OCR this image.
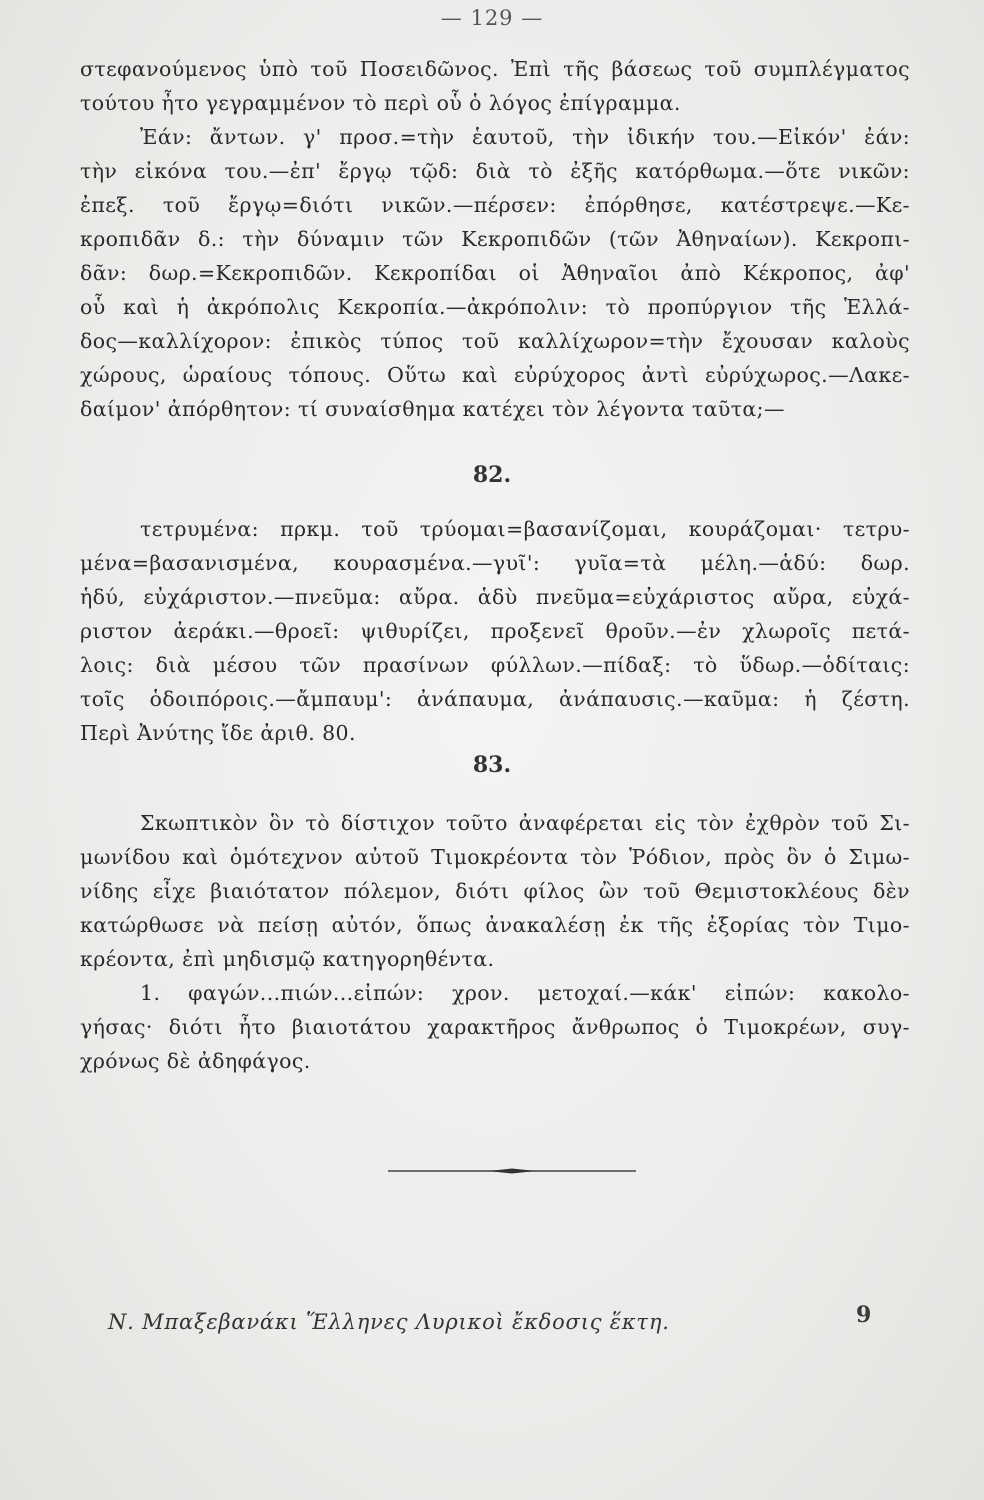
— 129 —
στεφανούμενος ὑπὸ τοῦ Ποσειδῶνος. Ἐπὶ τῆς βάσεως τοῦ συμπλέγματος
τούτου ἦτο γεγραμμένον τὸ περὶ οὗ ὁ λόγος ἐπίγραμμα.
Ἐάν: ἄντων. γ' προσ.=τὴν ἑαυτοῦ, τὴν ἰδικήν του.—Εἰκόν' ἐάν:
τὴν εἰκόνα του.—ἐπ' ἔργῳ τῷδ: διὰ τὸ ἐξῆς κατόρθωμα.—ὅτε νικῶν:
ἐπεξ. τοῦ ἔργῳ=διότι νικῶν.—πέρσεν: ἐπόρθησε, κατέστρεψε.—Κε-
κροπιδᾶν δ.: τὴν δύναμιν τῶν Κεκροπιδῶν (τῶν Ἀθηναίων). Κεκροπι-
δᾶν: δωρ.=Κεκροπιδῶν. Κεκροπίδαι οἱ Ἀθηναῖοι ἀπὸ Κέκροπος, ἀφ'
οὗ καὶ ἡ ἀκρόπολις Κεκροπία.—ἀκρόπολιν: τὸ προπύργιον τῆς Ἑλλά-
δος—καλλίχορον: ἐπικὸς τύπος τοῦ καλλίχωρον=τὴν ἔχουσαν καλοὺς
χώρους, ὡραίους τόπους. Οὕτω καὶ εὐρύχορος ἀντὶ εὐρύχωρος.—Λακε-
δαίμον' ἀπόρθητον: τί συναίσθημα κατέχει τὸν λέγοντα ταῦτα;—
82.
τετρυμένα: πρκμ. τοῦ τρύομαι=βασανίζομαι, κουράζομαι· τετρυ-
μένα=βασανισμένα, κουρασμένα.—γυῖ': γυῖα=τὰ μέλη.—ἁδύ: δωρ.
ἡδύ, εὐχάριστον.—πνεῦμα: αὔρα. ἁδὺ πνεῦμα=εὐχάριστος αὔρα, εὐχά-
ριστον ἀεράκι.—θροεῖ: ψιθυρίζει, προξενεῖ θροῦν.—ἐν χλωροῖς πετά-
λοις: διὰ μέσου τῶν πρασίνων φύλλων.—πίδαξ: τὸ ὕδωρ.—ὁδίταις:
τοῖς ὁδοιπόροις.—ἄμπαυμ': ἀνάπαυμα, ἀνάπαυσις.—καῦμα: ἡ ζέστη.
Περὶ Ἀνύτης ἴδε ἀριθ. 80.
83.
Σκωπτικὸν ὃν τὸ δίστιχον τοῦτο ἀναφέρεται εἰς τὸν ἐχθρὸν τοῦ Σι-
μωνίδου καὶ ὁμότεχνον αὐτοῦ Τιμοκρέοντα τὸν Ῥόδιον, πρὸς ὃν ὁ Σιμω-
νίδης εἶχε βιαιότατον πόλεμον, διότι φίλος ὢν τοῦ Θεμιστοκλέους δὲν
κατώρθωσε νὰ πείσῃ αὐτόν, ὅπως ἀνακαλέσῃ ἐκ τῆς ἐξορίας τὸν Τιμο-
κρέοντα, ἐπὶ μηδισμῷ κατηγορηθέντα.
1. φαγών...πιών...εἰπών: χρον. μετοχαί.—κάκ' εἰπών: κακολο-
γήσας· διότι ἦτο βιαιοτάτου χαρακτῆρος ἄνθρωπος ὁ Τιμοκρέων, συγ-
χρόνως δὲ ἀδηφάγος.
Ν. Μπαξεβανάκι Ἕλληνες Λυρικοὶ ἔκδοσις ἕκτη.	9
